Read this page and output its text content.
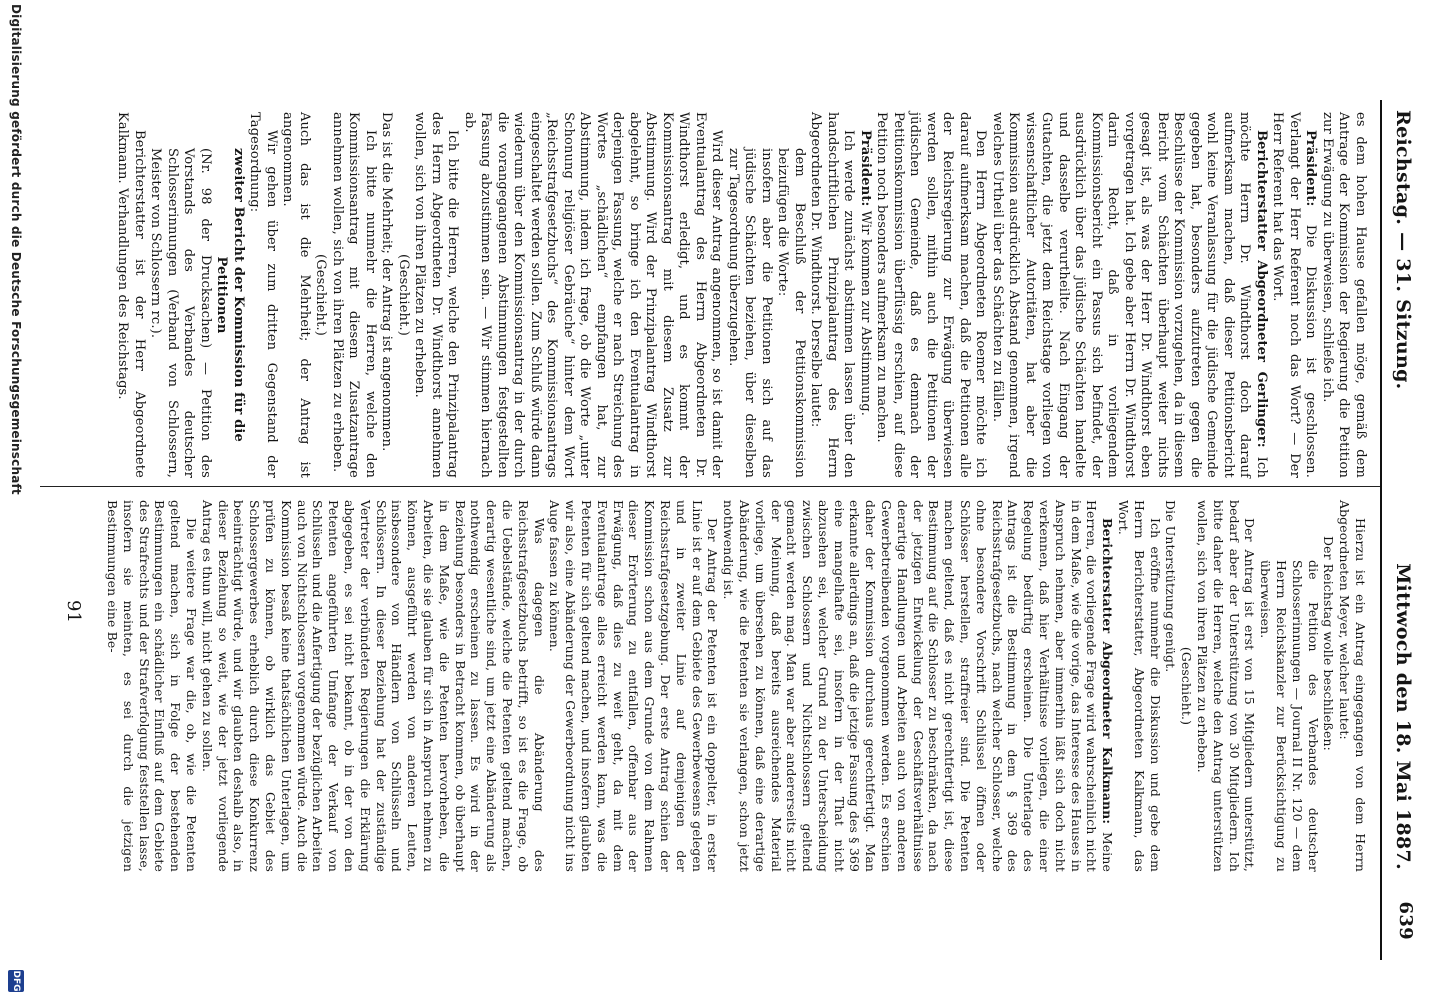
Reichstag. — 31. Sitzung.
Mittwoch den 18. Mai 1887.
639

es dem hohen Hause gefallen möge, gemäß dem Antrage der Kommission der Regierung die Petition zur Erwägung zu überweisen, schließe ich.

Präsident: Die Diskussion ist geschlossen. Verlangt der Herr Referent noch das Wort? — Der Herr Referent hat das Wort.

Berichterstatter Abgeordneter Gerlinger: Ich möchte Herrn Dr. Windthorst doch darauf aufmerksam machen, daß dieser Petitionsbericht wohl keine Veranlassung für die jüdische Gemeinde gegeben hat, besonders aufzutreten gegen die Beschlüsse der Kommission vorzugehen, da in diesem Bericht vom Schächten überhaupt weiter nichts gesagt ist, als was der Herr Dr. Windthorst eben vorgetragen hat. Ich gebe aber Herrn Dr. Windthorst darin Recht, daß in vorliegendem Kommissionsbericht ein Passus sich befindet, der ausdrücklich über das jüdische Schächten handelte und dasselbe verurtheilte. Nach Eingang der Gutachten, die jetzt dem Reichstage vorliegen von wissenschaftlicher Autoritäten, hat aber die Kommission ausdrücklich Abstand genommen, irgend welches Urtheil über das Schächten zu fällen.

Den Herrn Abgeordneten Roemer möchte ich darauf aufmerksam machen, daß die Petitionen alle der Reichsregierung zur Erwägung überwiesen werden sollen, mithin auch die Petitionen der jüdischen Gemeinde, daß es demnach der Petitionskommission überflüssig erschien, auf diese Petition noch besonders aufmerksam zu machen.

Präsident: Wir kommen zur Abstimmung.

Ich werde zunächst abstimmen lassen über den handschriftlichen Prinzipalantrag des Herrn Abgeordneten Dr. Windthorst. Derselbe lautet:

dem Beschluß der Petitionskommission beizufügen die Worte:

insofern aber die Petitionen sich auf das jüdische Schächten beziehen, über dieselben zur Tagesordnung überzugehen.

Wird dieser Antrag angenommen, so ist damit der Eventualantrag des Herrn Abgeordneten Dr. Windthorst erledigt, und es kommt der Kommissionsantrag mit diesem Zusatz zur Abstimmung. Wird der Prinzipalantrag Windthorst abgelehnt, so bringe ich den Eventualantrag in derjenigen Fassung, welche er nach Streichung des Wortes „schädlichen“ empfangen hat, zur Abstimmung, indem ich frage, ob die Worte „unter Schonung religiöser Gebräuche“ hinter dem Wort „Reichsstrafgesetzbuchs“ des Kommissionsantrags eingeschaltet werden sollen. Zum Schluß würde dann wiederum über den Kommissionsantrag in der durch die vorangegangenen Abstimmungen festgestellten Fassung abzustimmen sein. — Wir stimmen hiernach ab.

Ich bitte die Herren, welche den Prinzipalantrag des Herrn Abgeordneten Dr. Windthorst annehmen wollen, sich von ihren Plätzen zu erheben.

(Geschieht.)

Das ist die Mehrheit; der Antrag ist angenommen.

Ich bitte nunmehr die Herren, welche den Kommissionsantrag mit diesem Zusatzantrage annehmen wollen, sich von ihren Plätzen zu erheben.

(Geschieht.)

Auch das ist die Mehrheit; der Antrag ist angenommen.

Wir gehen über zum dritten Gegenstand der Tagesordnung:

zweiter Bericht der Kommission für die Petitionen

(Nr. 98 der Drucksachen) — Petition des Vorstands des Verbandes deutscher Schlosserinnungen (Verband von Schlossern, Meister von Schlossern rc.).

Berichterstatter ist der Herr Abgeordnete Kalkmann. Verhandlungen des Reichstags.

Hierzu ist ein Antrag eingegangen von dem Herrn Abgeordneten Meyer, welcher lautet:

Der Reichstag wolle beschließen:

die Petition des Verbandes deutscher Schlosserinnungen — Journal II Nr. 120 — dem Herrn Reichskanzler zur Berücksichtigung zu überweisen.

Der Antrag ist erst von 15 Mitgliedern unterstützt, bedarf aber der Unterstützung von 30 Mitgliedern. Ich bitte daher die Herren, welche den Antrag unterstützen wollen, sich von ihren Plätzen zu erheben.

(Geschieht.)

Die Unterstützung genügt.

Ich eröffne nunmehr die Diskussion und gebe dem Herrn Berichterstatter, Abgeordneten Kalkmann, das Wort.

Berichterstatter Abgeordneter Kalkmann: Meine Herren, die vorliegende Frage wird wahrscheinlich nicht in dem Maße, wie die vorige, das Interesse des Hauses in Anspruch nehmen, aber immerhin läßt sich doch nicht verkennen, daß hier Verhältnisse vorliegen, die einer Regelung bedürftig erscheinen. Die Unterlage des Antrags ist die Bestimmung in dem § 369 des Reichsstrafgesetzbuchs, nach welcher Schlosser, welche ohne besondere Vorschrift Schlüssel öffnen oder Schlösser herstellen, straffreier sind. Die Petenten machen geltend, daß es nicht gerechtfertigt ist, diese Bestimmung auf die Schlosser zu beschränken, da nach der jetzigen Entwickelung der Geschäftsverhältnisse derartige Handlungen und Arbeiten auch von anderen Gewerbetreibenden vorgenommen werden. Es erschien daher der Kommission durchaus gerechtfertigt. Man erkannte allerdings an, daß die jetzige Fassung des § 369 eine mangelhafte sei, insofern in der That nicht abzusehen sei, welcher Grund zu der Unterscheidung zwischen Schlossern und Nichtschlossern geltend gemacht werden mag. Man war aber andererseits nicht der Meinung, daß bereits ausreichendes Material vorliege, um übersehen zu können, daß eine derartige Abänderung, wie die Petenten sie verlangen, schon jetzt nothwendig ist.

Der Antrag der Petenten ist ein doppelter, in erster Linie ist er auf dem Gebiete des Gewerbewesens gelegen und in zweiter Linie auf demjenigen der Reichsstrafgesetzgebung. Der erste Antrag schien der Kommission schon aus dem Grunde von dem Rahmen dieser Erörterung zu entfallen, offenbar aus der Erwägung, daß dies zu weit geht, da mit dem Eventualantrage alles erreicht werden kann, was die Petenten für sich geltend machen, und insofern glaubten wir also, eine Abänderung der Gewerbeordnung nicht ins Auge fassen zu können.

Was dagegen die Abänderung des Reichsstrafgesetzbuchs betrifft, so ist es die Frage, ob die Uebelstände, welche die Petenten geltend machen, derartig wesentliche sind, um jetzt eine Abänderung als nothwendig erscheinen zu lassen. Es wird in der Beziehung besonders in Betracht kommen, ob überhaupt in dem Maße, wie die Petenten hervorheben, die Arbeiten, die sie glauben für sich in Anspruch nehmen zu können, ausgeführt werden von anderen Leuten, insbesondere von Händlern von Schlüsseln und Schlössern. In dieser Beziehung hat der zuständige Vertreter der verbündeten Regierungen die Erklärung abgegeben, es sei nicht bekannt, ob in der von den Petenten angeführten Umfange der Verkauf von Schlüsseln und die Anfertigung der bezüglichen Arbeiten auch von Nichtschlossern vorgenommen würde. Auch die Kommission besaß keine thatsächlichen Unterlagen, um prüfen zu können, ob wirklich das Gebiet des Schlossergewerbes erheblich durch diese Konkurrenz beeinträchtigt würde, und wir glaubten deshalb also, in dieser Beziehung so weit, wie der jetzt vorliegende Antrag es thun will, nicht gehen zu sollen.

Die weitere Frage war die, ob, wie die Petenten geltend machen, sich in Folge der bestehenden Bestimmungen ein schädlicher Einfluß auf dem Gebiete des Strafrechts und der Strafverfolgung feststellen lasse, insofern sie meinten, es sei durch die jetzigen Bestimmungen eine Be-

91
Digitalisierung gefördert durch die Deutsche Forschungsgemeinschaft
DFG
